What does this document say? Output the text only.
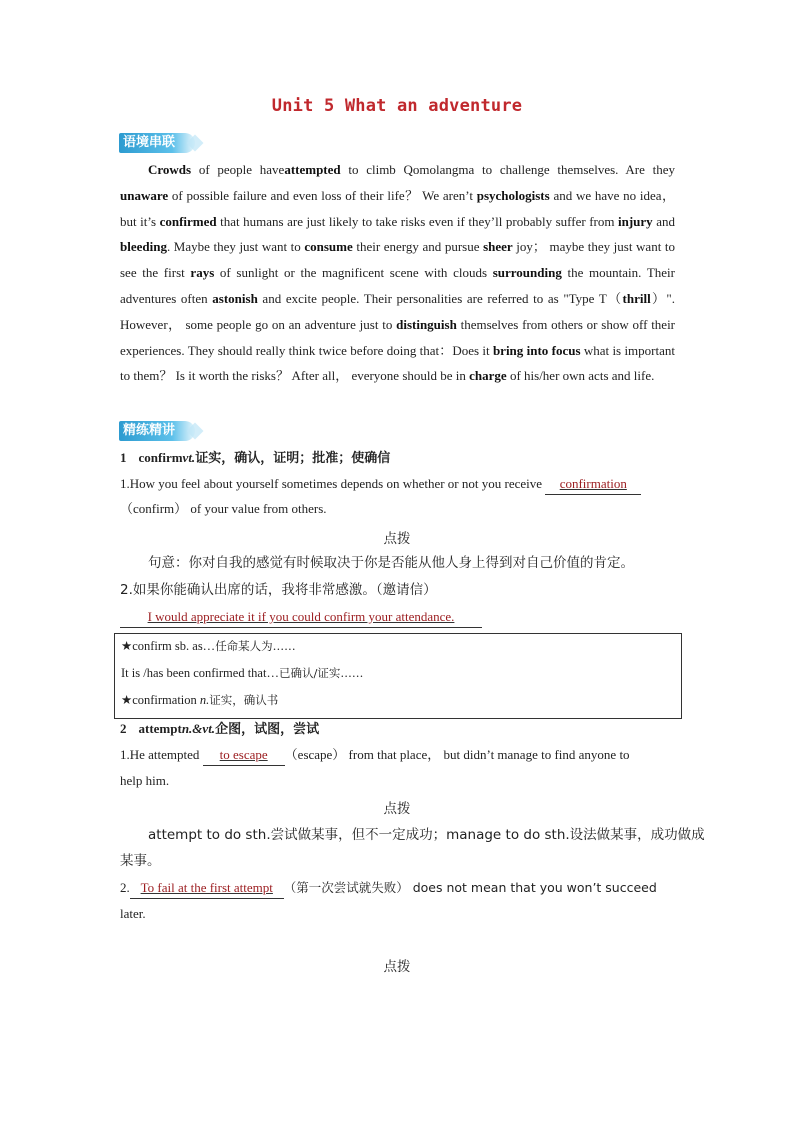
Unit 5 What an adventure
语境串联
Crowds of people haveattempted to climb Qomolangma to challenge themselves. Are they unaware of possible failure and even loss of their life？ We aren’t psychologists and we have no idea， but it’s confirmed that humans are just likely to take risks even if they’ll probably suffer from injury and bleeding. Maybe they just want to consume their energy and pursue sheer joy； maybe they just want to see the first rays of sunlight or the magnificent scene with clouds surrounding the mountain. Their adventures often astonish and excite people. Their personalities are referred to as "Type T（thrill）". However， some people go on an adventure just to distinguish themselves from others or show off their experiences. They should really think twice before doing that：Does it bring into focus what is important to them？ Is it worth the risks？ After all， everyone should be in charge of his/her own acts and life.
精练精讲
1 confirmvt.证实，确认，证明；批准；使确信
1.How you feel about yourself sometimes depends on whether or not you receive confirmation
（confirm） of your value from others.
点拨
句意：你对自我的感觉有时候取决于你是否能从他人身上得到对自己价值的肯定。
2.如果你能确认出席的话，我将非常感激。（邀请信）
I would appreciate it if you could confirm your attendance.
★confirm sb. as…任命某人为……
It is /has been confirmed that…已确认/证实……
★confirmation n.证实，确认书
2 attemptn.&vt.企图，试图，尝试
1.He attempted to escape （escape） from that place， but didn’t manage to find anyone to
help him.
点拨
attempt to do sth.尝试做某事，但不一定成功；manage to do sth.设法做某事，成功做成
某事。
2. To fail at the first attempt （第一次尝试就失败） does not mean that you won’t succeed
later.
点拨
